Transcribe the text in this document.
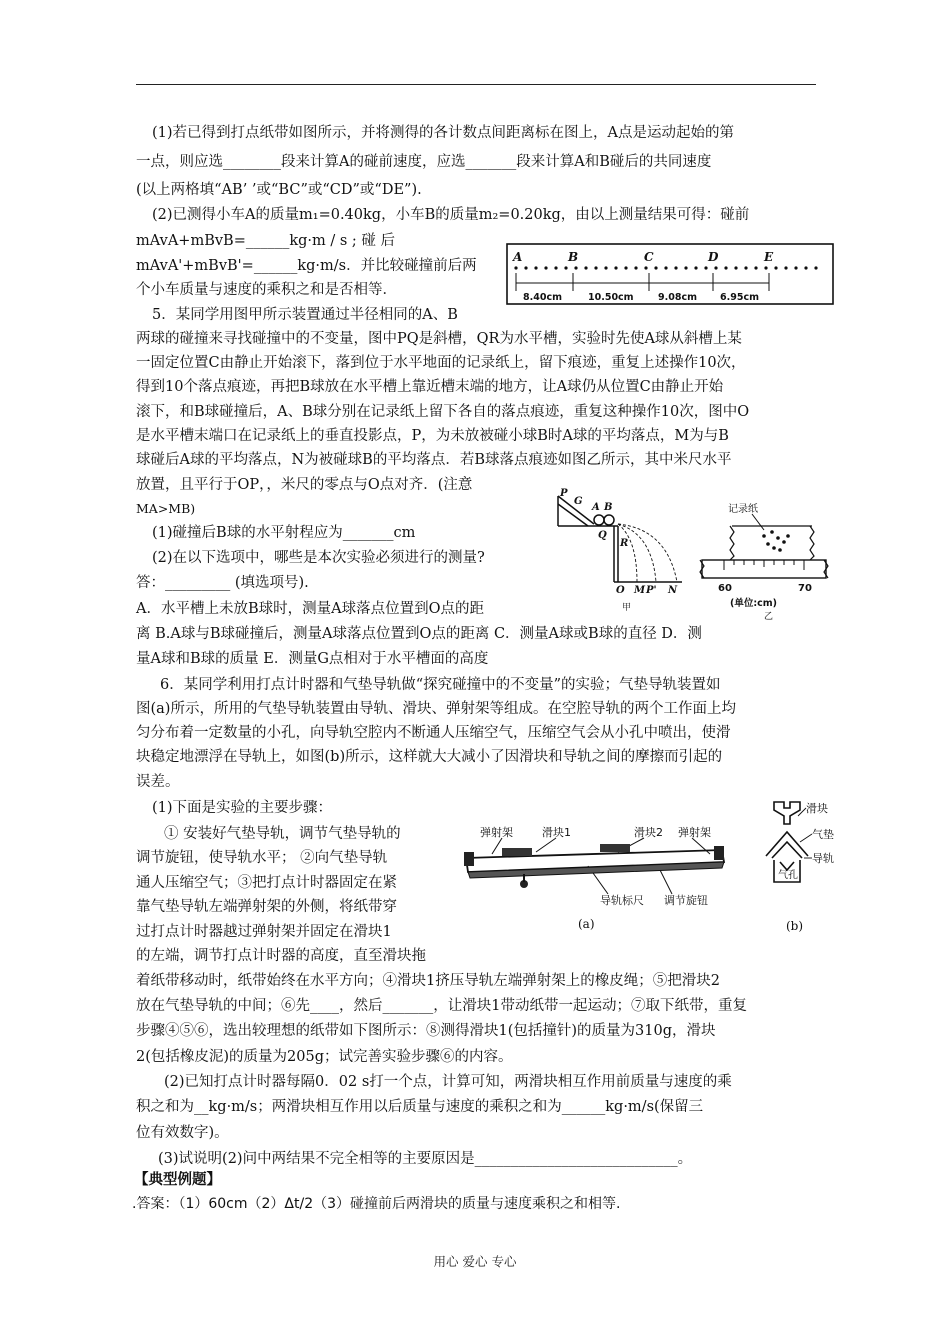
(1)若已得到打点纸带如图所示，并将测得的各计数点间距离标在图上，A点是运动起始的第
一点，则应选________段来计算A的碰前速度，应选_______段来计算A和B碰后的共同速度
(以上两格填“AB’ ’或“BC”或“CD”或“DE”).
(2)已测得小车A的质量m₁=0.40kg，小车B的质量m₂=0.20kg，由以上测量结果可得：碰前
mAvA+mBvB=______kg·m / s ; 碰 后
mAvA'+mBvB'=______kg·m/s．并比较碰撞前后两
个小车质量与速度的乘积之和是否相等．
A	B	C	D	E
8.40cm	10.50cm	9.08cm 6.95cm
5．某同学用图甲所示装置通过半径相同的A、B
两球的碰撞来寻找碰撞中的不变量，图中PQ是斜槽，QR为水平槽，实验时先使A球从斜槽上某
一固定位置C由静止开始滚下，落到位于水平地面的记录纸上，留下痕迹，重复上述操作10次，
得到10个落点痕迹，再把B球放在水平槽上靠近槽末端的地方，让A球仍从位置C由静止开始
滚下，和B球碰撞后，A、B球分别在记录纸上留下各自的落点痕迹，重复这种操作10次，图中O
是水平槽末端口在记录纸上的垂直投影点，P，为未放被碰小球B时A球的平均落点，M为与B
球碰后A球的平均落点，N为被碰球B的平均落点．若B球落点痕迹如图乙所示，其中米尺水平
放置，且平行于OP，，米尺的零点与O点对齐．(注意
MA>MB)
(1)碰撞后B球的水平射程应为_______cm
(2)在以下选项中，哪些是本次实验必须进行的测量?
答：_________ (填选项号).
A．水平槽上未放B球时，测量A球落点位置到O点的距
离 B.A球与B球碰撞后，测量A球落点位置到O点的距离 C．测量A球或B球的直径 D．测
量A球和B球的质量 E．测量G点相对于水平槽面的高度
P
G
A B
Q
R
O M P' N
甲
记录纸
60	70
(单位:cm)
乙
6．某同学利用打点计时器和气垫导轨做“探究碰撞中的不变量”的实验；气垫导轨装置如
图(a)所示，所用的气垫导轨装置由导轨、滑块、弹射架等组成。在空腔导轨的两个工作面上均
匀分布着一定数量的小孔，向导轨空腔内不断通人压缩空气，压缩空气会从小孔中喷出，使滑
块稳定地漂浮在导轨上，如图(b)所示，这样就大大减小了因滑块和导轨之间的摩擦而引起的
误差。
(1)下面是实验的主要步骤：
① 安装好气垫导轨，调节气垫导轨的
调节旋钮，使导轨水平； ②向气垫导轨
通人压缩空气；③把打点计时器固定在紧
靠气垫导轨左端弹射架的外侧，将纸带穿
过打点计时器越过弹射架并固定在滑块1
的左端，调节打点计时器的高度，直至滑块拖
着纸带移动时，纸带始终在水平方向；④滑块1挤压导轨左端弹射架上的橡皮绳；⑤把滑块2
放在气垫导轨的中间；⑥先____，然后_______，让滑块1带动纸带一起运动；⑦取下纸带，重复
步骤④⑤⑥，选出较理想的纸带如下图所示：⑧测得滑块1(包括撞针)的质量为310g，滑块
2(包括橡皮泥)的质量为205g；试完善实验步骤⑥的内容。
(2)已知打点计时器每隔0．02 s打一个点，计算可知，两滑块相互作用前质量与速度的乘
积之和为__kg·m/s；两滑块相互作用以后质量与速度的乘积之和为______kg·m/s(保留三
位有效数字)。
(3)试说明(2)问中两结果不完全相等的主要原因是____________________________。
【典型例题】
.答案：（1）60cm（2）Δt/2（3）碰撞前后两滑块的质量与速度乘积之和相等.
弹射架	滑块1	滑块2 弹射架
导轨标尺 调节旋钮
(a)
滑块
气垫
导轨
气孔
(b)
用心 爱心 专心
